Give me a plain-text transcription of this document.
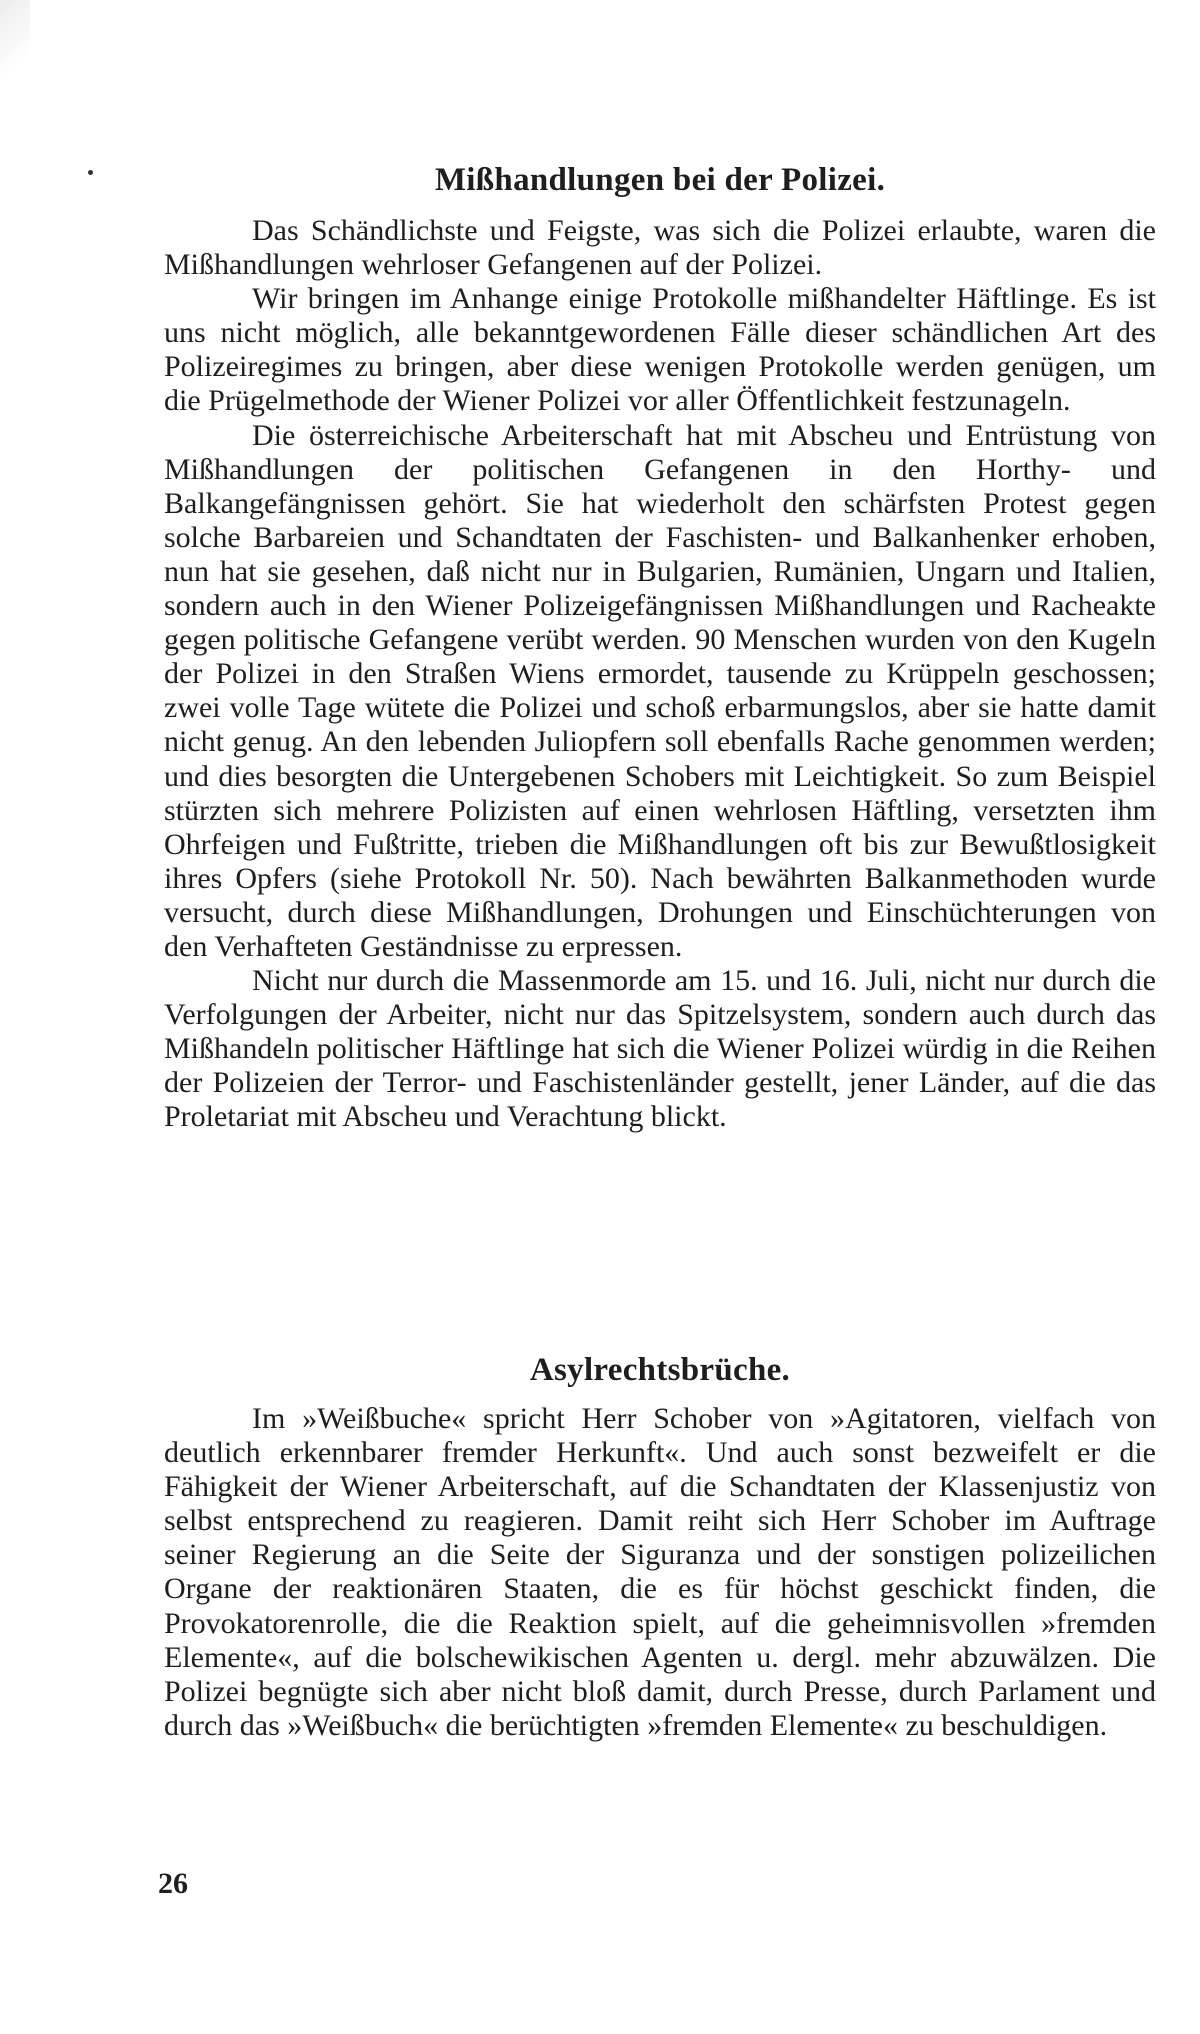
Mißhandlungen bei der Polizei.

Das Schändlichste und Feigste, was sich die Polizei erlaubte, waren die Mißhandlungen wehrloser Gefangenen auf der Polizei.

Wir bringen im Anhange einige Protokolle mißhandelter Häftlinge. Es ist uns nicht möglich, alle bekanntgewordenen Fälle dieser schändlichen Art des Polizeiregimes zu bringen, aber diese wenigen Protokolle werden genügen, um die Prügelmethode der Wiener Polizei vor aller Öffentlichkeit festzunageln.

Die österreichische Arbeiterschaft hat mit Abscheu und Entrüstung von Mißhandlungen der politischen Gefangenen in den Horthy- und Balkangefängnissen gehört. Sie hat wiederholt den schärfsten Protest gegen solche Barbareien und Schandtaten der Faschisten- und Balkanhenker erhoben, nun hat sie gesehen, daß nicht nur in Bulgarien, Rumänien, Ungarn und Italien, sondern auch in den Wiener Polizeigefängnissen Mißhandlungen und Racheakte gegen politische Gefangene verübt werden. 90 Menschen wurden von den Kugeln der Polizei in den Straßen Wiens ermordet, tausende zu Krüppeln geschossen; zwei volle Tage wütete die Polizei und schoß erbarmungslos, aber sie hatte damit nicht genug. An den lebenden Juliopfern soll ebenfalls Rache genommen werden; und dies besorgten die Untergebenen Schobers mit Leichtigkeit. So zum Beispiel stürzten sich mehrere Polizisten auf einen wehrlosen Häftling, versetzten ihm Ohrfeigen und Fußtritte, trieben die Mißhandlungen oft bis zur Bewußtlosigkeit ihres Opfers (siehe Protokoll Nr. 50). Nach bewährten Balkanmethoden wurde versucht, durch diese Mißhandlungen, Drohungen und Einschüchterungen von den Verhafteten Geständnisse zu erpressen.

Nicht nur durch die Massenmorde am 15. und 16. Juli, nicht nur durch die Verfolgungen der Arbeiter, nicht nur das Spitzelsystem, sondern auch durch das Mißhandeln politischer Häftlinge hat sich die Wiener Polizei würdig in die Reihen der Polizeien der Terror- und Faschistenländer gestellt, jener Länder, auf die das Proletariat mit Abscheu und Verachtung blickt.

Asylrechtsbrüche.

Im »Weißbuche« spricht Herr Schober von »Agitatoren, vielfach von deutlich erkennbarer fremder Herkunft«. Und auch sonst bezweifelt er die Fähigkeit der Wiener Arbeiterschaft, auf die Schandtaten der Klassenjustiz von selbst entsprechend zu reagieren. Damit reiht sich Herr Schober im Auftrage seiner Regierung an die Seite der Siguranza und der sonstigen polizeilichen Organe der reaktionären Staaten, die es für höchst geschickt finden, die Provokatorenrolle, die die Reaktion spielt, auf die geheimnisvollen »fremden Elemente«, auf die bolschewikischen Agenten u. dergl. mehr abzuwälzen. Die Polizei begnügte sich aber nicht bloß damit, durch Presse, durch Parlament und durch das »Weißbuch« die berüchtigten »fremden Elemente« zu beschuldigen.

26
